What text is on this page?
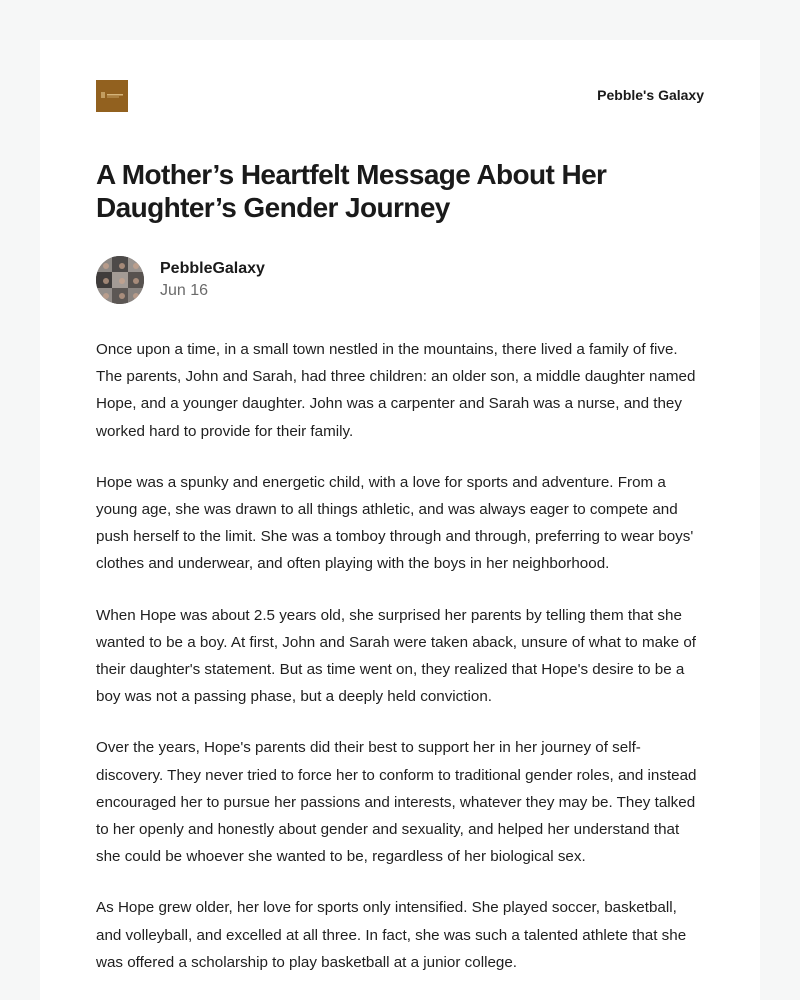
Pebble's Galaxy
A Mother’s Heartfelt Message About Her Daughter’s Gender Journey
PebbleGalaxy
Jun 16

Once upon a time, in a small town nestled in the mountains, there lived a family of five. The parents, John and Sarah, had three children: an older son, a middle daughter named Hope, and a younger daughter. John was a carpenter and Sarah was a nurse, and they worked hard to provide for their family.

Hope was a spunky and energetic child, with a love for sports and adventure. From a young age, she was drawn to all things athletic, and was always eager to compete and push herself to the limit. She was a tomboy through and through, preferring to wear boys' clothes and underwear, and often playing with the boys in her neighborhood.

When Hope was about 2.5 years old, she surprised her parents by telling them that she wanted to be a boy. At first, John and Sarah were taken aback, unsure of what to make of their daughter's statement. But as time went on, they realized that Hope's desire to be a boy was not a passing phase, but a deeply held conviction.

Over the years, Hope's parents did their best to support her in her journey of self-discovery. They never tried to force her to conform to traditional gender roles, and instead encouraged her to pursue her passions and interests, whatever they may be. They talked to her openly and honestly about gender and sexuality, and helped her understand that she could be whoever she wanted to be, regardless of her biological sex.

As Hope grew older, her love for sports only intensified. She played soccer, basketball, and volleyball, and excelled at all three. In fact, she was such a talented athlete that she was offered a scholarship to play basketball at a junior college.
